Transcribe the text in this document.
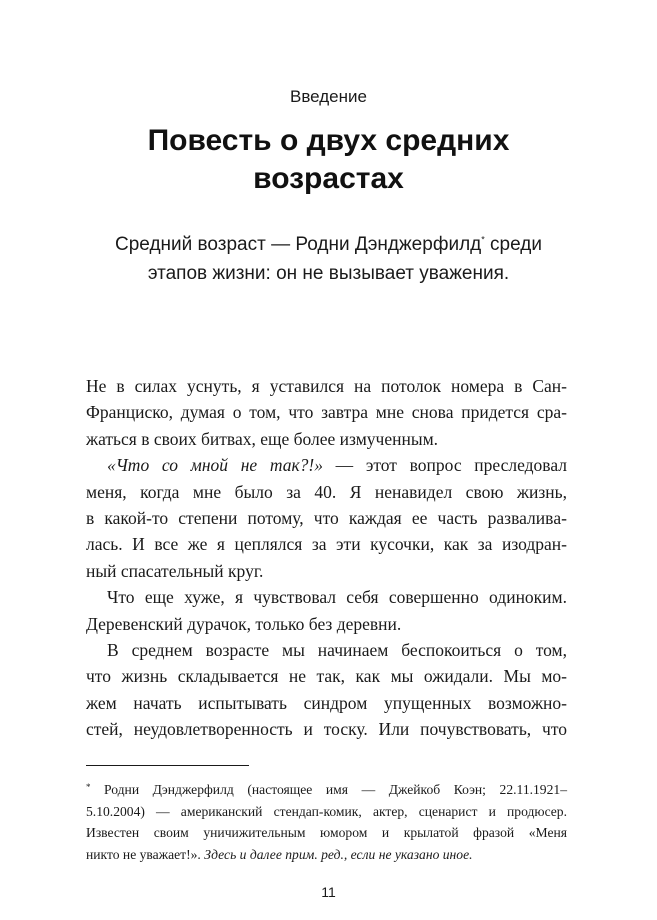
Введение
Повесть о двух средних
возрастах
Средний возраст — Родни Дэнджерфилд* среди
этапов жизни: он не вызывает уважения.
Не в силах уснуть, я уставился на потолок номера в Сан-
Франциско, думая о том, что завтра мне снова придется сра-
жаться в своих битвах, еще более измученным.
«Что со мной не так?!» — этот вопрос преследовал
меня, когда мне было за 40. Я ненавидел свою жизнь,
в какой-то степени потому, что каждая ее часть разваливa-
лась. И все же я цеплялся за эти кусочки, как за изодран-
ный спасательный круг.
Что еще хуже, я чувствовал себя совершенно одиноким.
Деревенский дурачок, только без деревни.
В среднем возрасте мы начинаем беспокоиться о том,
что жизнь складывается не так, как мы ожидали. Мы мо-
жем начать испытывать синдром упущенных возможно-
стей, неудовлетворенность и тоску. Или почувствовать, что
* Родни Дэнджерфилд (настоящее имя — Джейкоб Коэн; 22.11.1921–
5.10.2004) — американский стендап-комик, актер, сценарист и продюсер.
Известен своим уничижительным юмором и крылатой фразой «Меня
никто не уважает!». Здесь и далее прим. ред., если не указано иное.
11
